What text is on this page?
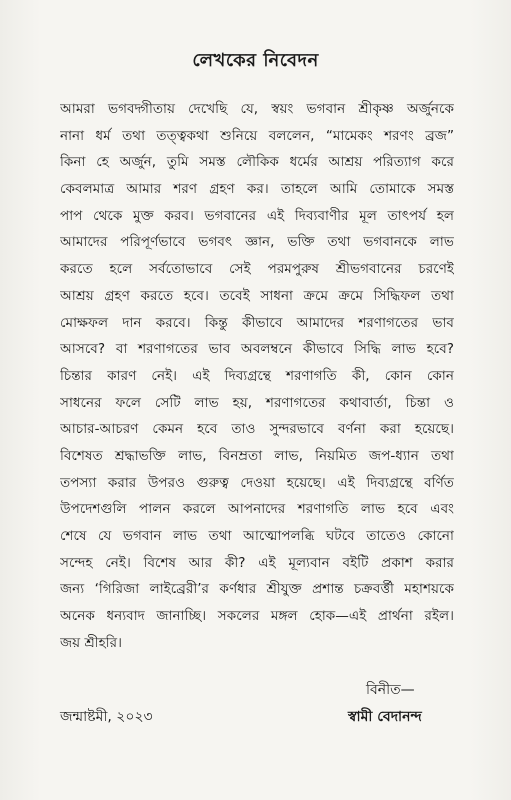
লেখকের নিবেদন
আমরা ভগবদ্গীতায় দেখেছি যে, স্বয়ং ভগবান শ্রীকৃষ্ণ অর্জুনকে
নানা ধর্ম তথা তত্ত্বকথা শুনিয়ে বললেন, “মামেকং শরণং ব্রজ”
কিনা হে অর্জুন, তুমি সমস্ত লৌকিক ধর্মের আশ্রয় পরিত্যাগ করে
কেবলমাত্র আমার শরণ গ্রহণ কর। তাহলে আমি তোমাকে সমস্ত
পাপ থেকে মুক্ত করব। ভগবানের এই দিব্যবাণীর মূল তাৎপর্য হল
আমাদের পরিপূর্ণভাবে ভগবৎ জ্ঞান, ভক্তি তথা ভগবানকে লাভ
করতে হলে সর্বতোভাবে সেই পরমপুরুষ শ্রীভগবানের চরণেই
আশ্রয় গ্রহণ করতে হবে। তবেই সাধনা ক্রমে ক্রমে সিদ্ধিফল তথা
মোক্ষফল দান করবে। কিন্তু কীভাবে আমাদের শরণাগতের ভাব
আসবে? বা শরণাগতের ভাব অবলম্বনে কীভাবে সিদ্ধি লাভ হবে?
চিন্তার কারণ নেই। এই দিব্যগ্রন্থে শরণাগতি কী, কোন কোন
সাধনের ফলে সেটি লাভ হয়, শরণাগতের কথাবার্তা, চিন্তা ও
আচার-আচরণ কেমন হবে তাও সুন্দরভাবে বর্ণনা করা হয়েছে।
বিশেষত শ্রদ্ধাভক্তি লাভ, বিনম্রতা লাভ, নিয়মিত জপ-ধ্যান তথা
তপস্যা করার উপরও গুরুত্ব দেওয়া হয়েছে। এই দিব্যগ্রন্থে বর্ণিত
উপদেশগুলি পালন করলে আপনাদের শরণাগতি লাভ হবে এবং
শেষে যে ভগবান লাভ তথা আত্মোপলব্ধি ঘটবে তাতেও কোনো
সন্দেহ নেই। বিশেষ আর কী? এই মূল্যবান বইটি প্রকাশ করার
জন্য ‘গিরিজা লাইব্রেরী’র কর্ণধার শ্রীযুক্ত প্রশান্ত চক্রবর্ত্তী মহাশয়কে
অনেক ধন্যবাদ জানাচ্ছি। সকলের মঙ্গল হোক—এই প্রার্থনা রইল।
জয় শ্রীহরি।
বিনীত—
জন্মাষ্টমী, ২০২৩	স্বামী বেদানন্দ
